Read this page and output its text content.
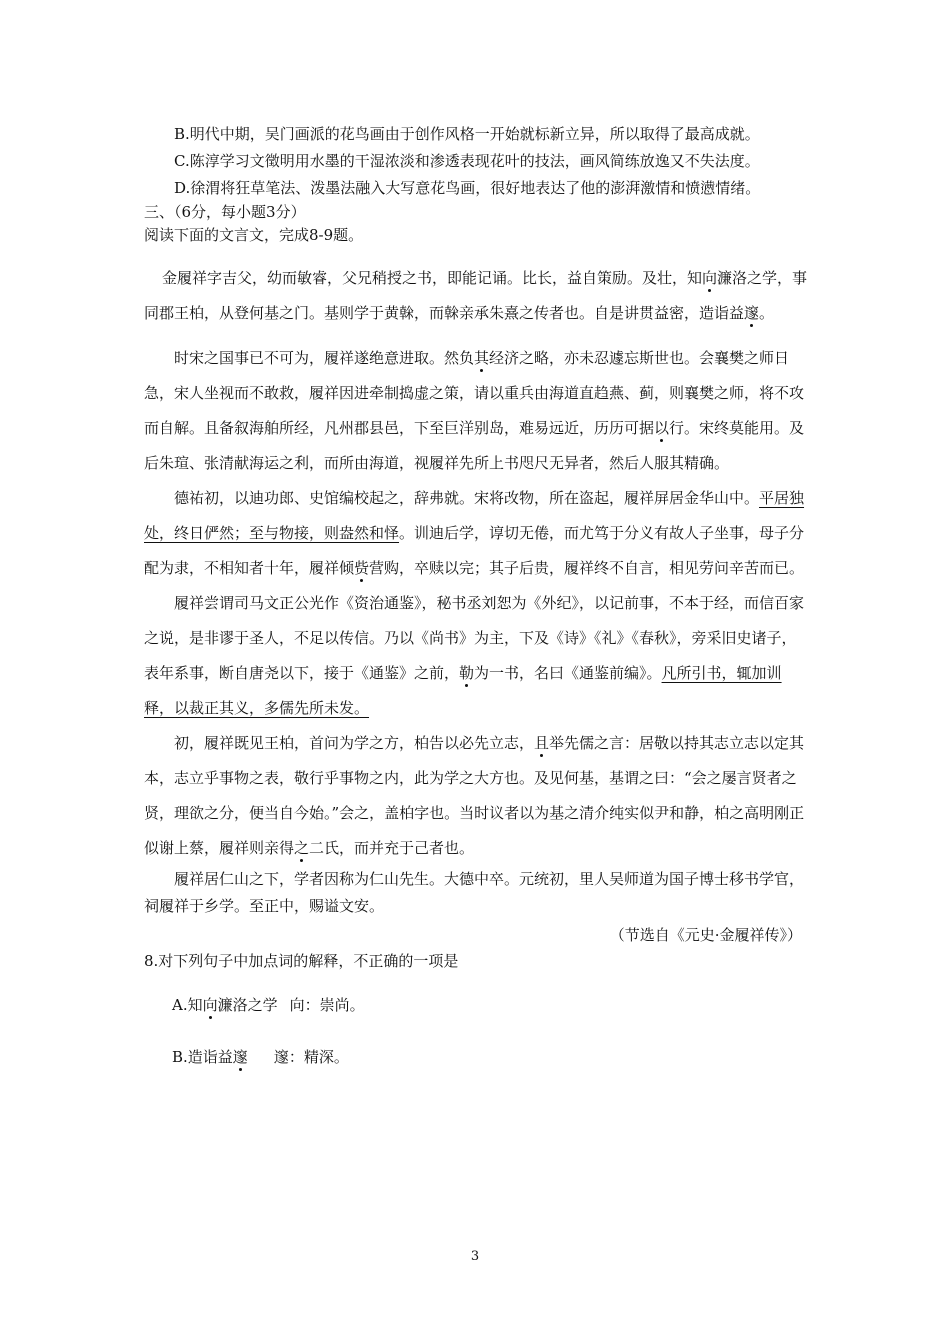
B.明代中期，吴门画派的花鸟画由于创作风格一开始就标新立异，所以取得了最高成就。

C.陈淳学习文徵明用水墨的干湿浓淡和渗透表现花叶的技法，画风简练放逸又不失法度。

D.徐渭将狂草笔法、泼墨法融入大写意花鸟画，很好地表达了他的澎湃激情和愤懑情绪。

三、（6分，每小题3分）

阅读下面的文言文，完成8-9题。

金履祥字吉父，幼而敏睿，父兄稍授之书，即能记诵。比长，益自策励。及壮，知向濂洛之学，事同郡王柏，从登何基之门。基则学于黄榦，而榦亲承朱熹之传者也。自是讲贯益密，造诣益邃。

时宋之国事已不可为，履祥遂绝意进取。然负其经济之略，亦未忍遽忘斯世也。会襄樊之师日急，宋人坐视而不敢救，履祥因进牵制捣虚之策，请以重兵由海道直趋燕、蓟，则襄樊之师，将不攻而自解。且备叙海舶所经，凡州郡县邑，下至巨洋别岛，难易远近，历历可据以行。宋终莫能用。及后朱瑄、张清献海运之利，而所由海道，视履祥先所上书咫尺无异者，然后人服其精确。

德祐初，以迪功郎、史馆编校起之，辞弗就。宋将改物，所在盗起，履祥屏居金华山中。平居独处，终日俨然；至与物接，则盎然和怿。训迪后学，谆切无倦，而尤笃于分义有故人子坐事，母子分配为隶，不相知者十年，履祥倾赀营购，卒赎以完；其子后贵，履祥终不自言，相见劳问辛苦而已。

履祥尝谓司马文正公光作《资治通鉴》，秘书丞刘恕为《外纪》，以记前事，不本于经，而信百家之说，是非谬于圣人，不足以传信。乃以《尚书》为主，下及《诗》《礼》《春秋》，旁采旧史诸子，表年系事，断自唐尧以下，接于《通鉴》之前，勒为一书，名曰《通鉴前编》。凡所引书，辄加训释，以裁正其义，多儒先所未发。

初，履祥既见王柏，首问为学之方，柏告以必先立志，且举先儒之言：居敬以持其志立志以定其本，志立乎事物之表，敬行乎事物之内，此为学之大方也。及见何基，基谓之曰：“会之屡言贤者之贤，理欲之分，便当自今始。”会之，盖柏字也。当时议者以为基之清介纯实似尹和静，柏之高明刚正似谢上蔡，履祥则亲得之二氏，而并充于己者也。

履祥居仁山之下，学者因称为仁山先生。大德中卒。元统初，里人吴师道为国子博士移书学官，祠履祥于乡学。至正中，赐谥文安。

（节选自《元史·金履祥传》）

8.对下列句子中加点词的解释，不正确的一项是

A.知向濂洛之学 向：崇尚。

B.造诣益邃 邃：精深。

3
